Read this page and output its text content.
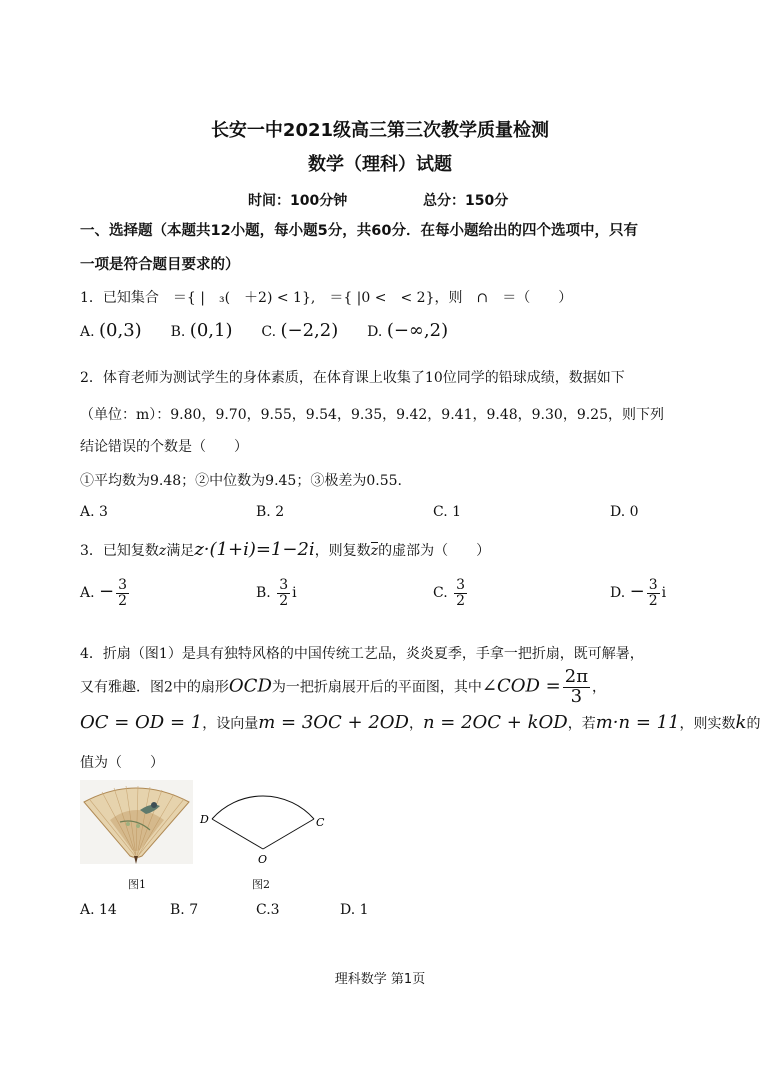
长安一中2021级高三第三次教学质量检测
数学（理科）试题
时间：100分钟	总分：150分
一、选择题（本题共12小题，每小题5分，共60分．在每小题给出的四个选项中，只有
一项是符合题目要求的）
1．已知集合　＝{ |　₃(　＋2) < 1},　＝{ |0 <　< 2}，则　∩　＝（　　）
A. (0,3) B. (0,1) C. (−2,2) D. (−∞,2)
2．体育老师为测试学生的身体素质，在体育课上收集了10位同学的铅球成绩，数据如下
（单位：m）：9.80，9.70，9.55，9.54，9.35，9.42，9.41，9.48，9.30，9.25，则下列
结论错误的个数是（　　）
①平均数为9.48；②中位数为9.45；③极差为0.55.
A. 3	B. 2	C. 1	D. 0
3．已知复数z满足z·(1+i)=1−2i，则复数z的虚部为（　　）
A. − $\frac{3}{2}$	B. $\frac{3}{2}$ i	C. $\frac{3}{2}$	D. − $\frac{3}{2}$ i
4．折扇（图1）是具有独特风格的中国传统工艺品，炎炎夏季，手拿一把折扇，既可解暑，
又有雅趣．图2中的扇形OCD为一把折扇展开后的平面图，其中∠COD = $\frac{2\pi}{3}$ ，
OC = OD = 1，设向量m = 3OC + 2OD，n = 2OC + kOD，若m·n = 11，则实数k的
值为（　　）
图1
D	C
O
图2
A. 14	B. 7	C.3	D. 1
理科数学 第1页
